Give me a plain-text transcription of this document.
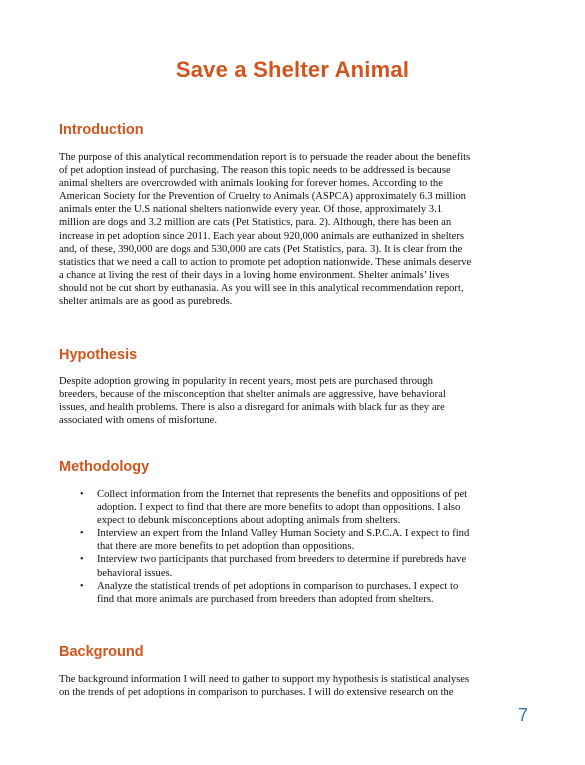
Save a Shelter Animal
Introduction
The purpose of this analytical recommendation report is to persuade the reader about the benefits
of pet adoption instead of purchasing. The reason this topic needs to be addressed is because
animal shelters are overcrowded with animals looking for forever homes. According to the
American Society for the Prevention of Cruelty to Animals (ASPCA) approximately 6.3 million
animals enter the U.S national shelters nationwide every year. Of those, approximately 3.1
million are dogs and 3.2 million are cats (Pet Statistics, para. 2). Although, there has been an
increase in pet adoption since 2011. Each year about 920,000 animals are euthanized in shelters
and, of these, 390,000 are dogs and 530,000 are cats (Pet Statistics, para. 3). It is clear from the
statistics that we need a call to action to promote pet adoption nationwide. These animals deserve
a chance at living the rest of their days in a loving home environment. Shelter animals’ lives
should not be cut short by euthanasia. As you will see in this analytical recommendation report,
shelter animals are as good as purebreds.
Hypothesis
Despite adoption growing in popularity in recent years, most pets are purchased through
breeders, because of the misconception that shelter animals are aggressive, have behavioral
issues, and health problems. There is also a disregard for animals with black fur as they are
associated with omens of misfortune.
Methodology
• Collect information from the Internet that represents the benefits and oppositions of pet
adoption. I expect to find that there are more benefits to adopt than oppositions. I also
expect to debunk misconceptions about adopting animals from shelters.
• Interview an expert from the Inland Valley Human Society and S.P.C.A. I expect to find
that there are more benefits to pet adoption than oppositions.
• Interview two participants that purchased from breeders to determine if purebreds have
behavioral issues.
• Analyze the statistical trends of pet adoptions in comparison to purchases. I expect to
find that more animals are purchased from breeders than adopted from shelters.
Background
The background information I will need to gather to support my hypothesis is statistical analyses
on the trends of pet adoptions in comparison to purchases. I will do extensive research on the
7
